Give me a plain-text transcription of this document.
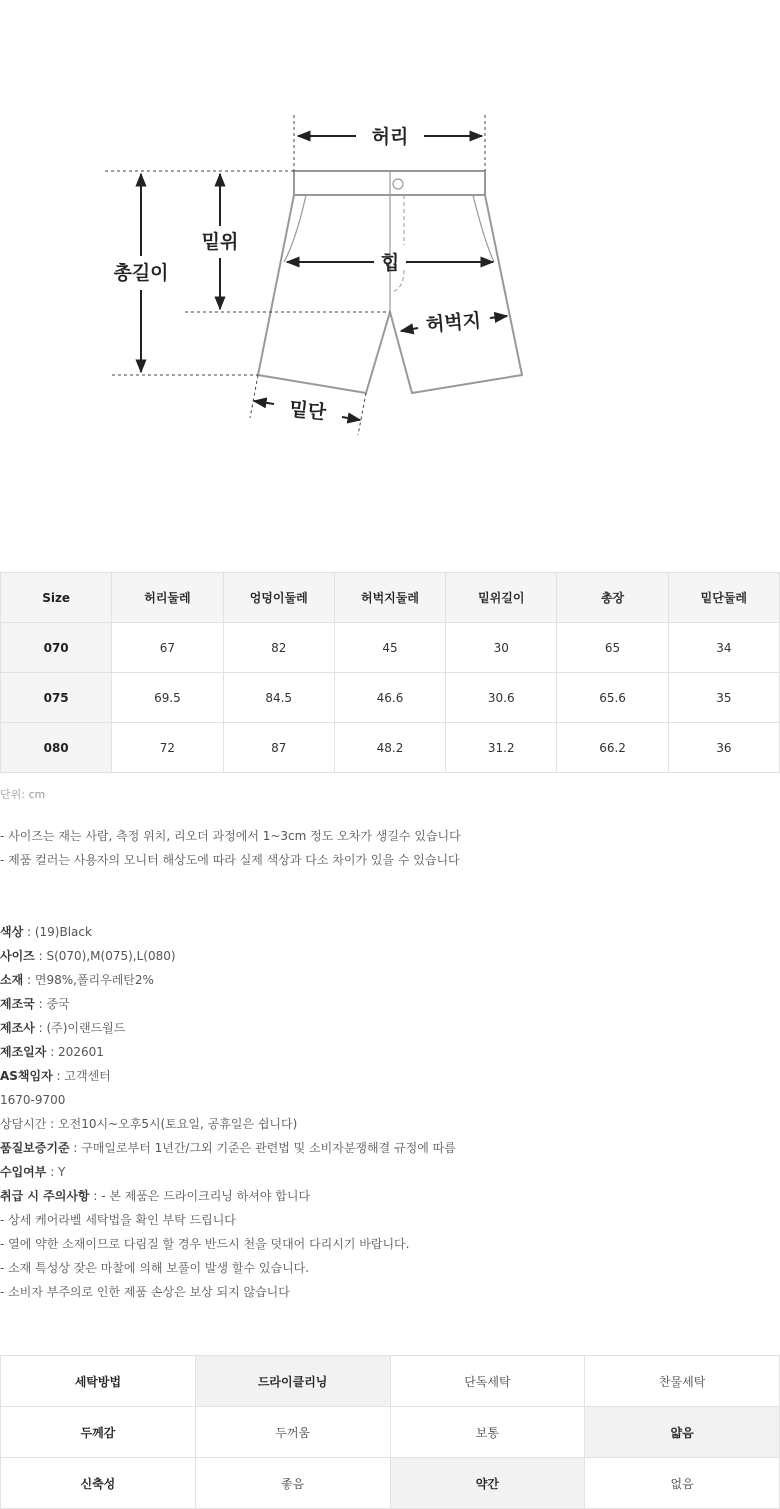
허리
밑위
총길이	힙
허벅지
밑단
Size	허리둘레	엉덩이둘레	허벅지둘레	밑위길이	총장	밑단둘레
070	67	82	45	30	65	34
075	69.5	84.5	46.6	30.6	65.6	35
080	72	87	48.2	31.2	66.2	36
단위: cm
- 사이즈는 재는 사람, 측정 위치, 리오더 과정에서 1~3cm 정도 오차가 생길수 있습니다
- 제품 컬러는 사용자의 모니터 해상도에 따라 실제 색상과 다소 차이가 있을 수 있습니다
색상 : (19)Black
사이즈 : S(070),M(075),L(080)
소재 : 면98%,폴리우레탄2%
제조국 : 중국
제조사 : (주)이랜드월드
제조일자 : 202601
AS책임자 : 고객센터
1670-9700
상담시간 : 오전10시~오후5시(토요일, 공휴일은 쉽니다)
품질보증기준 : 구매일로부터 1년간/그외 기준은 관련법 및 소비자분쟁해결 규정에 따름
수입여부 : Y
취급 시 주의사항 : - 본 제품은 드라이크리닝 하셔야 합니다
- 상세 케어라벨 세탁법을 확인 부탁 드립니다
- 열에 약한 소재이므로 다림질 할 경우 반드시 천을 덧대어 다리시기 바랍니다.
- 소재 특성상 잦은 마찰에 의해 보풀이 발생 할수 있습니다.
- 소비자 부주의로 인한 제품 손상은 보상 되지 않습니다
세탁방법	드라이클리닝	단독세탁	찬물세탁
두께감	두꺼움	보통	얇음
신축성	좋음	약간	없음
